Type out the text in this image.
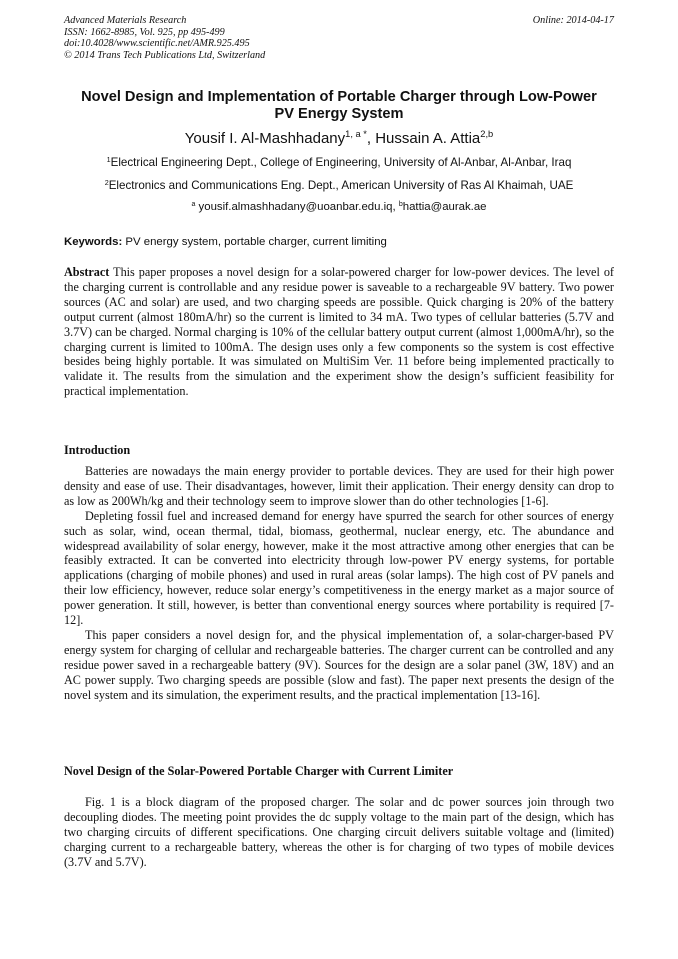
Advanced Materials Research
ISSN: 1662-8985, Vol. 925, pp 495-499
doi:10.4028/www.scientific.net/AMR.925.495
© 2014 Trans Tech Publications Ltd, Switzerland
Online: 2014-04-17
Novel Design and Implementation of Portable Charger through Low-Power PV Energy System
Yousif I. Al-Mashhadany$^{1, a *}$, Hussain A. Attia$^{2,b}$
$^1$Electrical Engineering Dept., College of Engineering, University of Al-Anbar, Al-Anbar, Iraq
$^2$Electronics and Communications Eng. Dept., American University of Ras Al Khaimah, UAE
$^a$ yousif.almashhadany@uoanbar.edu.iq, $^b$hattia@aurak.ae
Keywords: PV energy system, portable charger, current limiting
Abstract This paper proposes a novel design for a solar-powered charger for low-power devices. The level of the charging current is controllable and any residue power is saveable to a rechargeable 9V battery. Two power sources (AC and solar) are used, and two charging speeds are possible. Quick charging is 20% of the battery output current (almost 180mA/hr) so the current is limited to 34 mA. Two types of cellular batteries (5.7V and 3.7V) can be charged. Normal charging is 10% of the cellular battery output current (almost 1,000mA/hr), so the charging current is limited to 100mA. The design uses only a few components so the system is cost effective besides being highly portable. It was simulated on MultiSim Ver. 11 before being implemented practically to validate it. The results from the simulation and the experiment show the design’s sufficient feasibility for practical implementation.
Introduction

Batteries are nowadays the main energy provider to portable devices. They are used for their high power density and ease of use. Their disadvantages, however, limit their application. Their energy density can drop to as low as 200Wh/kg and their technology seem to improve slower than do other technologies [1-6].

Depleting fossil fuel and increased demand for energy have spurred the search for other sources of energy such as solar, wind, ocean thermal, tidal, biomass, geothermal, nuclear energy, etc. The abundance and widespread availability of solar energy, however, make it the most attractive among other energies that can be feasibly extracted. It can be converted into electricity through low-power PV energy systems, for portable applications (charging of mobile phones) and used in rural areas (solar lamps). The high cost of PV panels and their low efficiency, however, reduce solar energy’s competitiveness in the energy market as a major source of power generation. It still, however, is better than conventional energy sources where portability is required [7-12].

This paper considers a novel design for, and the physical implementation of, a solar-charger-based PV energy system for charging of cellular and rechargeable batteries. The charger current can be controlled and any residue power saved in a rechargeable battery (9V). Sources for the design are a solar panel (3W, 18V) and an AC power supply. Two charging speeds are possible (slow and fast). The paper next presents the design of the novel system and its simulation, the experiment results, and the practical implementation [13-16].

Novel Design of the Solar-Powered Portable Charger with Current Limiter

Fig. 1 is a block diagram of the proposed charger. The solar and dc power sources join through two decoupling diodes. The meeting point provides the dc supply voltage to the main part of the design, which has two charging circuits of different specifications. One charging circuit delivers suitable voltage and (limited) charging current to a rechargeable battery, whereas the other is for charging of two types of mobile devices (3.7V and 5.7V).
